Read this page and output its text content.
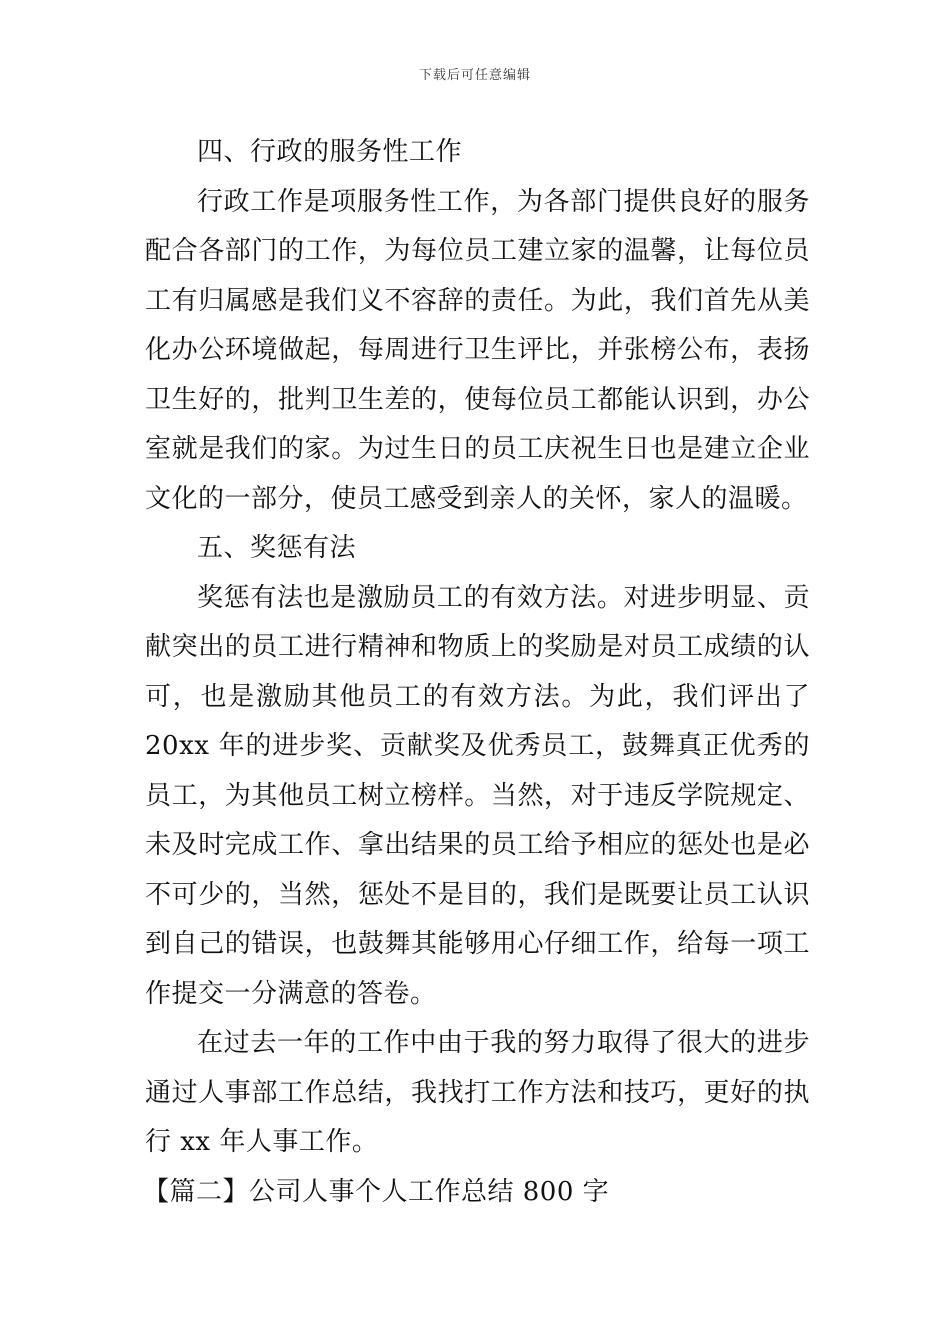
下载后可任意编辑

四、行政的服务性工作

行政工作是项服务性工作，为各部门提供良好的服务配合各部门的工作，为每位员工建立家的温馨，让每位员工有归属感是我们义不容辞的责任。为此，我们首先从美化办公环境做起，每周进行卫生评比，并张榜公布，表扬卫生好的，批判卫生差的，使每位员工都能认识到，办公室就是我们的家。为过生日的员工庆祝生日也是建立企业文化的一部分，使员工感受到亲人的关怀，家人的温暖。

五、奖惩有法

奖惩有法也是激励员工的有效方法。对进步明显、贡献突出的员工进行精神和物质上的奖励是对员工成绩的认可，也是激励其他员工的有效方法。为此，我们评出了20xx 年的进步奖、贡献奖及优秀员工，鼓舞真正优秀的员工，为其他员工树立榜样。当然，对于违反学院规定、未及时完成工作、拿出结果的员工给予相应的惩处也是必不可少的，当然，惩处不是目的，我们是既要让员工认识到自己的错误，也鼓舞其能够用心仔细工作，给每一项工作提交一分满意的答卷。

在过去一年的工作中由于我的努力取得了很大的进步通过人事部工作总结，我找打工作方法和技巧，更好的执行 xx 年人事工作。

【篇二】公司人事个人工作总结 800 字
